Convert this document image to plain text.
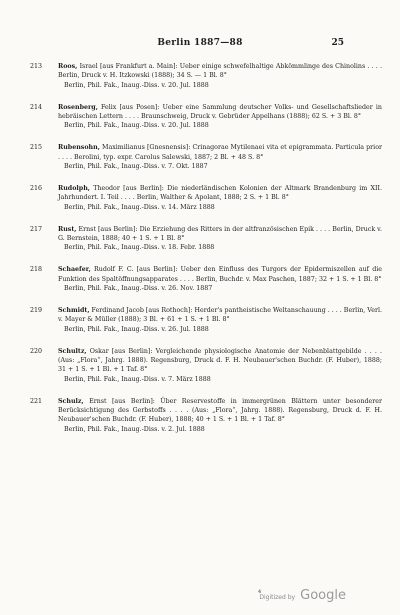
Berlin 1887—88	25
213	Roos, Israel [aus Frankfurt a. Main]: Ueber einige schwefelhaltige Abkömmlinge des Chinolins . . . . Berlin, Druck v. H. Itzkowski (1888); 34 S. — 1 Bl. 8°
Berlin, Phil. Fak., Inaug.-Diss. v. 20. Jul. 1888
214	Rosenberg, Felix [aus Posen]: Ueber eine Sammlung deutscher Volks- und Gesellschaftslieder in hebräischen Lettern . . . . Braunschweig, Druck v. Gebrüder Appelhans (1888); 62 S. + 3 Bl. 8°
Berlin, Phil. Fak., Inaug.-Diss. v. 20. Jul. 1888
215	Rubensohn, Maximilianus [Gnesnensis]: Crinagorae Mytilenaei vita et epigrammata. Particula prior . . . . Berolini, typ. expr. Carolus Salewski, 1887; 2 Bl. + 48 S. 8°
Berlin, Phil. Fak., Inaug.-Diss. v. 7. Okt. 1887
216	Rudolph, Theodor [aus Berlin]: Die niederländischen Kolonien der Altmark Brandenburg im XII. Jahrhundert. I. Teil . . . . Berlin, Walther & Apolant, 1888; 2 S. + 1 Bl. 8°
Berlin, Phil. Fak., Inaug.-Diss. v. 14. März 1888
217	Rust, Ernst [aus Berlin]: Die Erziehung des Ritters in der altfranzösischen Epik . . . . Berlin, Druck v. G. Bernstein, 1888; 40 + 1 S. + 1 Bl. 8°
Berlin, Phil. Fak., Inaug.-Diss. v. 18. Febr. 1888
218	Schaefer, Rudolf F. C. [aus Berlin]: Ueber den Einfluss des Turgors der Epidermiszellen auf die Funktion des Spaltöffnungsapparates . . . . Berlin, Buchdr. v. Max Paschen, 1887; 32 + 1 S. + 1 Bl. 8°
Berlin, Phil. Fak., Inaug.-Diss. v. 26. Nov. 1887
219	Schmidt, Ferdinand Jacob [aus Rothoch]: Herder's pantheistische Weltanschauung . . . . Berlin, Verl. v. Mayer & Müller (1888); 3 Bl. + 61 + 1 S. + 1 Bl. 8°
Berlin, Phil. Fak., Inaug.-Diss. v. 26. Jul. 1888
220	Schultz, Oskar [aus Berlin]: Vergleichende physiologische Anatomie der Nebenblattgebilde . . . . (Aus: „Flora“, Jahrg. 1888). Regensburg, Druck d. F. H. Neubauer'schen Buchdr. (F. Huber), 1888; 31 + 1 S. + 1 Bl. + 1 Taf. 8°
Berlin, Phil. Fak., Inaug.-Diss. v. 7. März 1888
221	Schulz, Ernst [aus Berlin]: Über Reservestoffe in immergrünen Blättern unter besonderer Berücksichtigung des Gerbstoffs . . . . (Aus: „Flora“, Jahrg. 1888). Regensburg, Druck d. F. H. Neubauer'schen Buchdr. (F. Huber), 1888; 40 + 1 S. + 1 Bl. + 1 Taf. 8°
Berlin, Phil. Fak., Inaug.-Diss. v. 2. Jul. 1888
4
Digitized by Google
